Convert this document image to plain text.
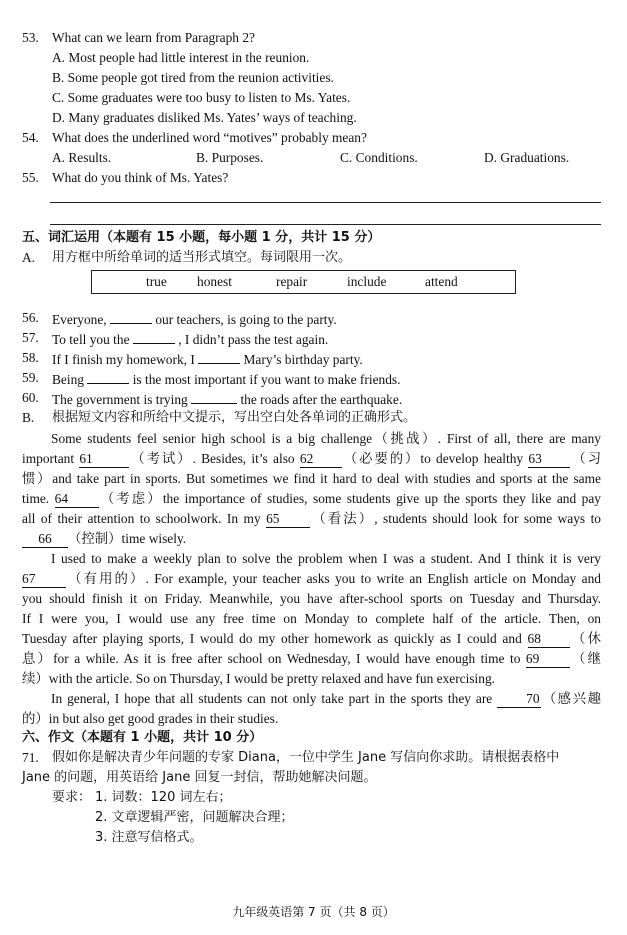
53. What can we learn from Paragraph 2?
A. Most people had little interest in the reunion.
B. Some people got tired from the reunion activities.
C. Some graduates were too busy to listen to Ms. Yates.
D. Many graduates disliked Ms. Yates’ ways of teaching.
54. What does the underlined word “motives” probably mean?
A. Results.	B. Purposes.	C. Conditions.	D. Graduations.
55. What do you think of Ms. Yates?
五、词汇运用（本题有 15 小题，每小题 1 分，共计 15 分）
A. 用方框中所给单词的适当形式填空。每词限用一次。
true honest	repair	include	attend
56. Everyone,	our teachers, is going to the party.
57. To tell you the	, I didn’t pass the test again.
58. If I finish my homework, I	Mary’s birthday party.
59. Being	is the most important if you want to make friends.
60. The government is trying	the roads after the earthquake.
B. 根据短文内容和所给中文提示，写出空白处各单词的正确形式。
Some students feel senior high school is a big challenge（挑战）. First of all, there are many
important 61	（考试）. Besides, it’s also 62 （必要的）to develop healthy 63 （习
惯）and take part in sports. But sometimes we find it hard to deal with studies and sports at the same
time. 64 （考虑）the importance of studies, some students give up the sports they like and pay
all of their attention to schoolwork. In my 65 （看法）, students should look for some ways to
66 （控制）time wisely.
I used to make a weekly plan to solve the problem when I was a student. And I think it is very
67 （有用的）. For example, your teacher asks you to write an English article on Monday and
you should finish it on Friday. Meanwhile, you have after-school sports on Tuesday and Thursday.
If I were you, I would use any free time on Monday to complete half of the article. Then, on
Tuesday after playing sports, I would do my other homework as quickly as I could and 68 （休
息）for a while. As it is free after school on Wednesday, I would have enough time to 69 （继
续）with the article. So on Thursday, I would be pretty relaxed and have fun exercising.
In general, I hope that all students can not only take part in the sports they are	70 （感兴趣
的）in but also get good grades in their studies.
六、作文（本题有 1 小题，共计 10 分）
71. 假如你是解决青少年问题的专家 Diana，一位中学生 Jane 写信向你求助。请根据表格中
Jane 的问题，用英语给 Jane 回复一封信，帮助她解决问题。
要求： 1. 词数：120 词左右；
2. 文章逻辑严密，问题解决合理；
3. 注意写信格式。
九年级英语第 7 页（共 8 页）
